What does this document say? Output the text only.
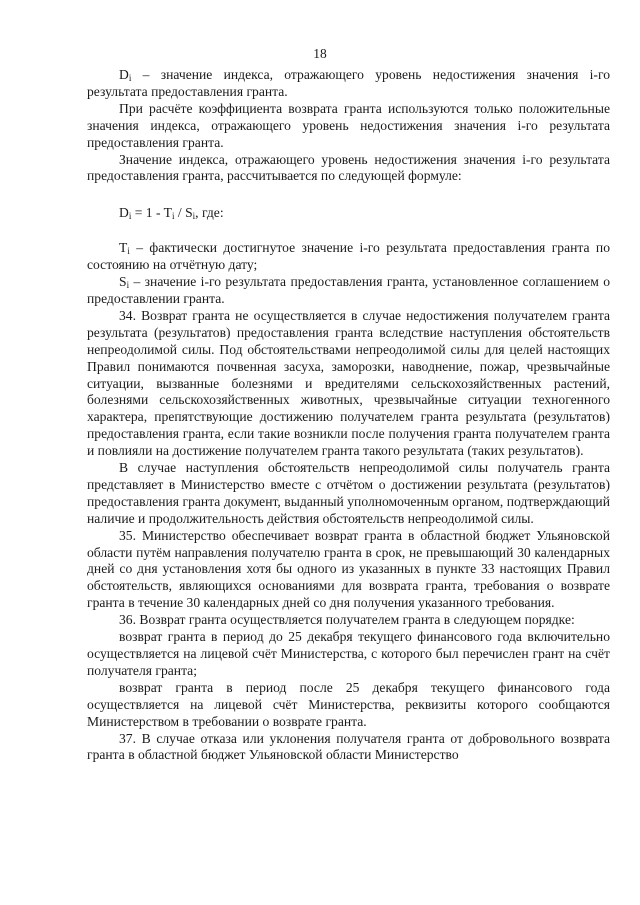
18

$D_i$ – значение индекса, отражающего уровень недостижения значения i-го результата предоставления гранта.

При расчёте коэффициента возврата гранта используются только положительные значения индекса, отражающего уровень недостижения значения i-го результата предоставления гранта.

Значение индекса, отражающего уровень недостижения значения i-го результата предоставления гранта, рассчитывается по следующей формуле:

$D_i = 1 - T_i / S_i$, где:

$T_i$ – фактически достигнутое значение i-го результата предоставления гранта по состоянию на отчётную дату;

$S_i$ – значение i-го результата предоставления гранта, установленное соглашением о предоставлении гранта.

34. Возврат гранта не осуществляется в случае недостижения получателем гранта результата (результатов) предоставления гранта вследствие наступления обстоятельств непреодолимой силы. Под обстоятельствами непреодолимой силы для целей настоящих Правил понимаются почвенная засуха, заморозки, наводнение, пожар, чрезвычайные ситуации, вызванные болезнями и вредителями сельскохозяйственных растений, болезнями сельскохозяйственных животных, чрезвычайные ситуации техногенного характера, препятствующие достижению получателем гранта результата (результатов) предоставления гранта, если такие возникли после получения гранта получателем гранта и повлияли на достижение получателем гранта такого результата (таких результатов).

В случае наступления обстоятельств непреодолимой силы получатель гранта представляет в Министерство вместе с отчётом о достижении результата (результатов) предоставления гранта документ, выданный уполномоченным органом, подтверждающий наличие и продолжительность действия обстоятельств непреодолимой силы.

35. Министерство обеспечивает возврат гранта в областной бюджет Ульяновской области путём направления получателю гранта в срок, не превышающий 30 календарных дней со дня установления хотя бы одного из указанных в пункте 33 настоящих Правил обстоятельств, являющихся основаниями для возврата гранта, требования о возврате гранта в течение 30 календарных дней со дня получения указанного требования.

36. Возврат гранта осуществляется получателем гранта в следующем порядке:

возврат гранта в период до 25 декабря текущего финансового года включительно осуществляется на лицевой счёт Министерства, с которого был перечислен грант на счёт получателя гранта;

возврат гранта в период после 25 декабря текущего финансового года осуществляется на лицевой счёт Министерства, реквизиты которого сообщаются Министерством в требовании о возврате гранта.

37. В случае отказа или уклонения получателя гранта от добровольного возврата гранта в областной бюджет Ульяновской области Министерство
